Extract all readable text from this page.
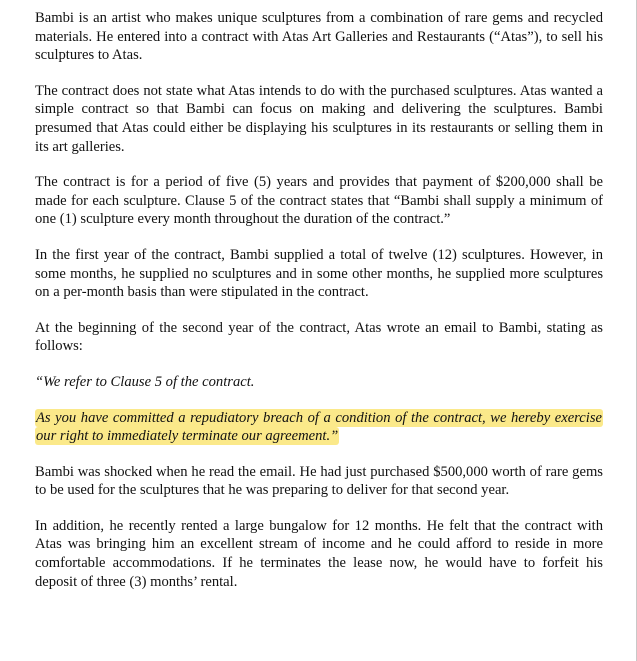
Bambi is an artist who makes unique sculptures from a combination of rare gems and recycled materials. He entered into a contract with Atas Art Galleries and Restaurants (“Atas”), to sell his sculptures to Atas.

The contract does not state what Atas intends to do with the purchased sculptures. Atas wanted a simple contract so that Bambi can focus on making and delivering the sculptures. Bambi presumed that Atas could either be displaying his sculptures in its restaurants or selling them in its art galleries.

The contract is for a period of five (5) years and provides that payment of $200,000 shall be made for each sculpture. Clause 5 of the contract states that “Bambi shall supply a minimum of one (1) sculpture every month throughout the duration of the contract.”

In the first year of the contract, Bambi supplied a total of twelve (12) sculptures. However, in some months, he supplied no sculptures and in some other months, he supplied more sculptures on a per-month basis than were stipulated in the contract.

At the beginning of the second year of the contract, Atas wrote an email to Bambi, stating as follows:

“We refer to Clause 5 of the contract.

As you have committed a repudiatory breach of a condition of the contract, we hereby exercise our right to immediately terminate our agreement.”

Bambi was shocked when he read the email. He had just purchased $500,000 worth of rare gems to be used for the sculptures that he was preparing to deliver for that second year.

In addition, he recently rented a large bungalow for 12 months. He felt that the contract with Atas was bringing him an excellent stream of income and he could afford to reside in more comfortable accommodations. If he terminates the lease now, he would have to forfeit his deposit of three (3) months’ rental.
